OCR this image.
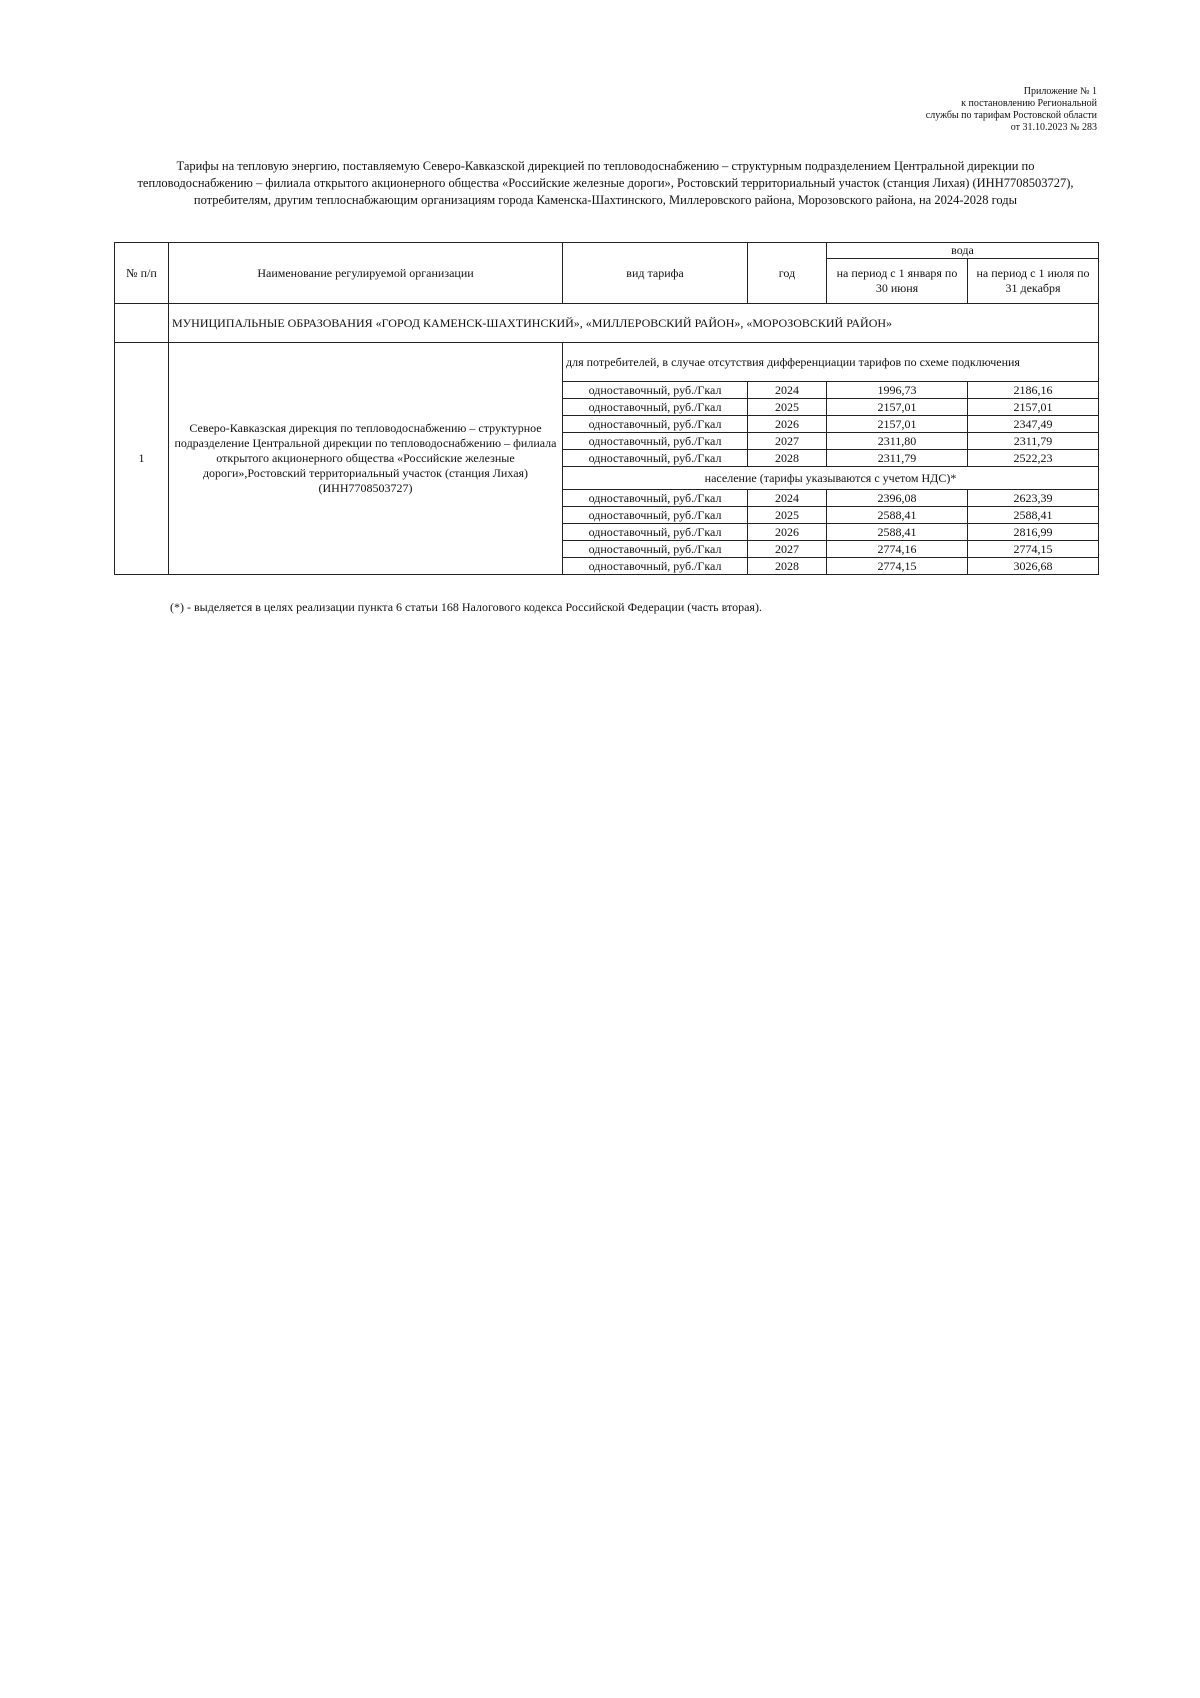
Приложение № 1
к постановлению Региональной
службы по тарифам Ростовской области
от 31.10.2023 № 283
Тарифы на тепловую энергию, поставляемую Северо-Кавказской дирекцией по тепловодоснабжению – структурным подразделением Центральной дирекции по тепловодоснабжению – филиала открытого акционерного общества «Российские железные дороги», Ростовский территориальный участок (станция Лихая) (ИНН7708503727), потребителям, другим теплоснабжающим организациям города Каменска-Шахтинского, Миллеровского района, Морозовского района, на 2024-2028 годы
№ п/п	Наименование регулируемой организации	вид тарифа	год	вода	
				на период с 1 января по 30 июня	на период с 1 июля по 31 декабря
	МУНИЦИПАЛЬНЫЕ ОБРАЗОВАНИЯ «ГОРОД КАМЕНСК-ШАХТИНСКИЙ», «МИЛЛЕРОВСКИЙ РАЙОН», «МОРОЗОВСКИЙ РАЙОН»				
1	Северо-Кавказская дирекция по тепловодоснабжению – структурное подразделение Центральной дирекции по тепловодоснабжению – филиала открытого акционерного общества «Российские железные дороги»,Ростовский территориальный участок (станция Лихая) (ИНН7708503727)	для потребителей, в случае отсутствия дифференциации тарифов по схеме подключения			
		одноставочный, руб./Гкал	2024	1996,73	2186,16
		одноставочный, руб./Гкал	2025	2157,01	2157,01
		одноставочный, руб./Гкал	2026	2157,01	2347,49
		одноставочный, руб./Гкал	2027	2311,80	2311,79
		одноставочный, руб./Гкал	2028	2311,79	2522,23
		население (тарифы указываются с учетом НДС)*			
		одноставочный, руб./Гкал	2024	2396,08	2623,39
		одноставочный, руб./Гкал	2025	2588,41	2588,41
		одноставочный, руб./Гкал	2026	2588,41	2816,99
		одноставочный, руб./Гкал	2027	2774,16	2774,15
		одноставочный, руб./Гкал	2028	2774,15	3026,68
(*) - выделяется в целях реализации пункта 6 статьи 168 Налогового кодекса Российской Федерации (часть вторая).
